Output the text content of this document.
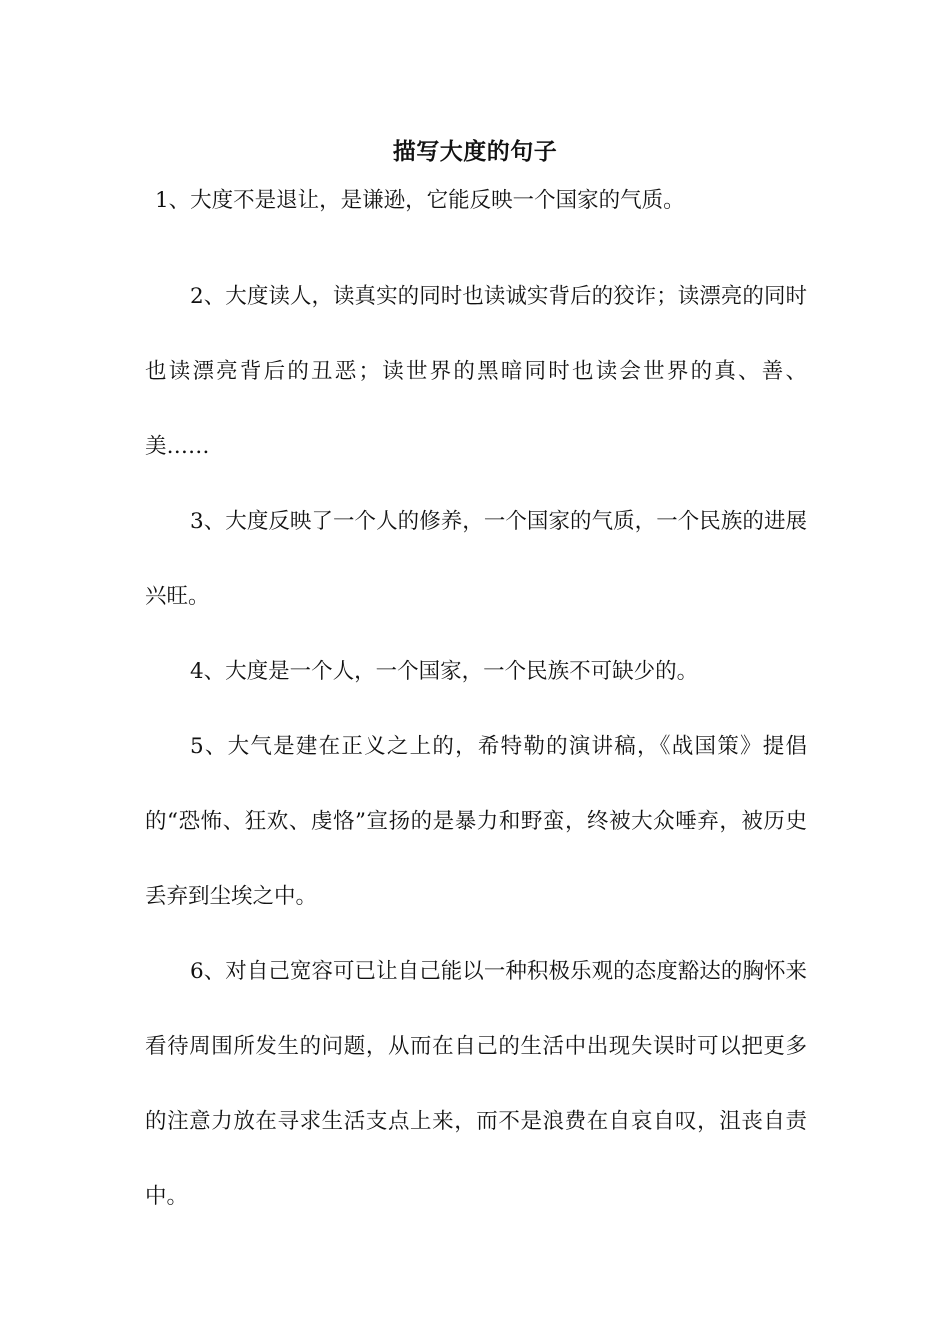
描写大度的句子

1、大度不是退让，是谦逊，它能反映一个国家的气质。

2、大度读人，读真实的同时也读诚实背后的狡诈；读漂亮的同时也读漂亮背后的丑恶；读世界的黑暗同时也读会世界的真、善、美……

3、大度反映了一个人的修养，一个国家的气质，一个民族的进展兴旺。

4、大度是一个人，一个国家，一个民族不可缺少的。

5、大气是建在正义之上的，希特勒的演讲稿，《战国策》提倡的“恐怖、狂欢、虔恪”宣扬的是暴力和野蛮，终被大众唾弃，被历史丢弃到尘埃之中。

6、对自己宽容可已让自己能以一种积极乐观的态度豁达的胸怀来看待周围所发生的问题，从而在自己的生活中出现失误时可以把更多的注意力放在寻求生活支点上来，而不是浪费在自哀自叹，沮丧自责中。
